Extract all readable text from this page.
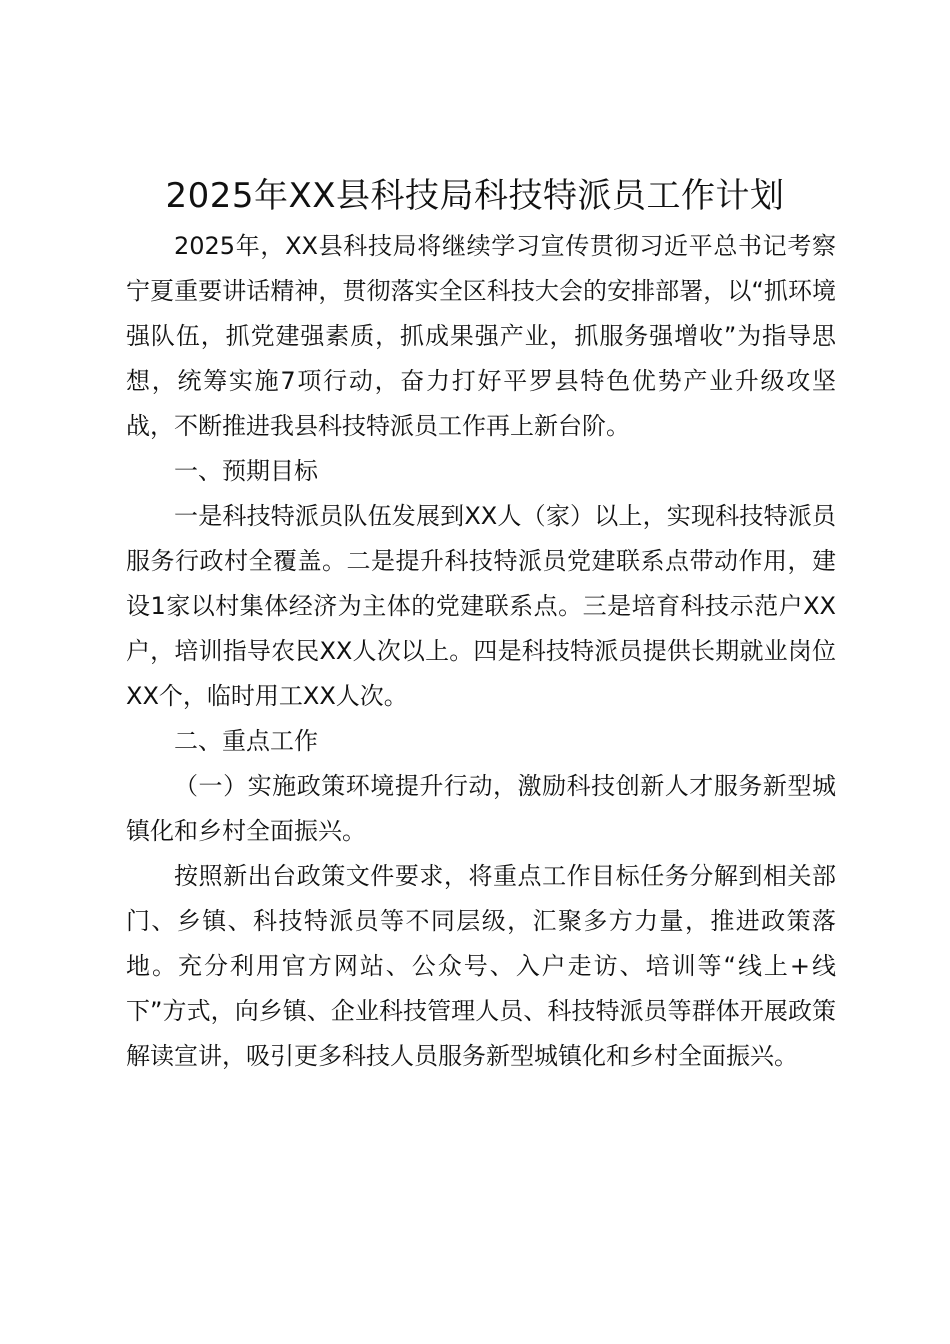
2025年XX县科技局科技特派员工作计划

2025年，XX县科技局将继续学习宣传贯彻习近平总书记考察宁夏重要讲话精神，贯彻落实全区科技大会的安排部署，以“抓环境强队伍，抓党建强素质，抓成果强产业，抓服务强增收”为指导思想，统筹实施7项行动，奋力打好平罗县特色优势产业升级攻坚战，不断推进我县科技特派员工作再上新台阶。

一、预期目标

一是科技特派员队伍发展到XX人（家）以上，实现科技特派员服务行政村全覆盖。二是提升科技特派员党建联系点带动作用，建设1家以村集体经济为主体的党建联系点。三是培育科技示范户XX户，培训指导农民XX人次以上。四是科技特派员提供长期就业岗位XX个，临时用工XX人次。

二、重点工作

（一）实施政策环境提升行动，激励科技创新人才服务新型城镇化和乡村全面振兴。

按照新出台政策文件要求，将重点工作目标任务分解到相关部门、乡镇、科技特派员等不同层级，汇聚多方力量，推进政策落地。充分利用官方网站、公众号、入户走访、培训等“线上+线下”方式，向乡镇、企业科技管理人员、科技特派员等群体开展政策解读宣讲，吸引更多科技人员服务新型城镇化和乡村全面振兴。
